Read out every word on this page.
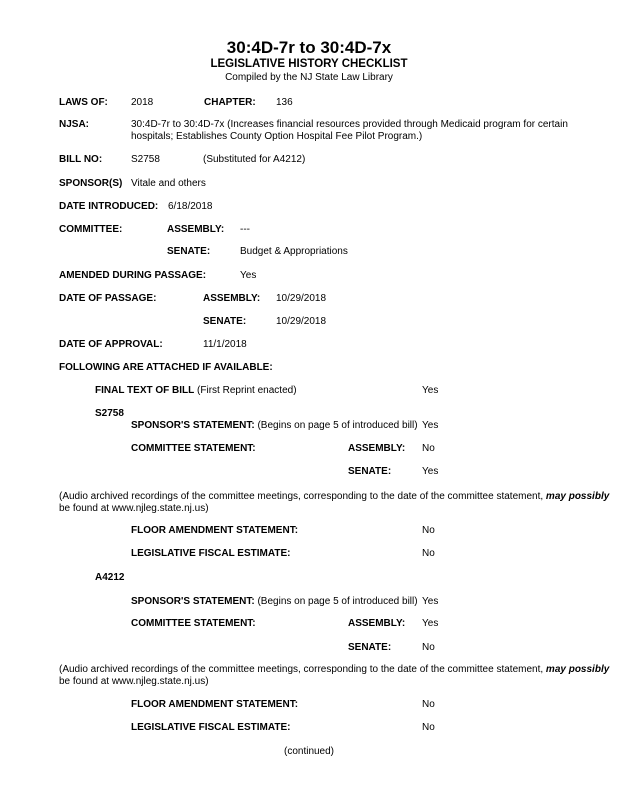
30:4D-7r to 30:4D-7x
LEGISLATIVE HISTORY CHECKLIST
Compiled by the NJ State Law Library
LAWS OF: 2018	CHAPTER: 136
NJSA:	30:4D-7r to 30:4D-7x (Increases financial resources provided through Medicaid program for certain
hospitals; Establishes County Option Hospital Fee Pilot Program.)
BILL NO:	S2758	(Substituted for A4212)
SPONSOR(S) Vitale and others
DATE INTRODUCED: 6/18/2018
COMMITTEE:	ASSEMBLY: ---
SENATE:	Budget & Appropriations
AMENDED DURING PASSAGE:	Yes
DATE OF PASSAGE:	ASSEMBLY: 10/29/2018
SENATE:	10/29/2018
DATE OF APPROVAL:	11/1/2018
FOLLOWING ARE ATTACHED IF AVAILABLE:
FINAL TEXT OF BILL (First Reprint enacted)	Yes
S2758
SPONSOR'S STATEMENT: (Begins on page 5 of introduced bill) Yes
COMMITTEE STATEMENT:	ASSEMBLY: No
SENATE:	Yes
(Audio archived recordings of the committee meetings, corresponding to the date of the committee statement, may possibly
be found at www.njleg.state.nj.us)
FLOOR AMENDMENT STATEMENT:	No
LEGISLATIVE FISCAL ESTIMATE:	No
A4212
SPONSOR'S STATEMENT: (Begins on page 5 of introduced bill) Yes
COMMITTEE STATEMENT:	ASSEMBLY: Yes
SENATE:	No
(Audio archived recordings of the committee meetings, corresponding to the date of the committee statement, may possibly
be found at www.njleg.state.nj.us)
FLOOR AMENDMENT STATEMENT:	No
LEGISLATIVE FISCAL ESTIMATE:	No
(continued)
